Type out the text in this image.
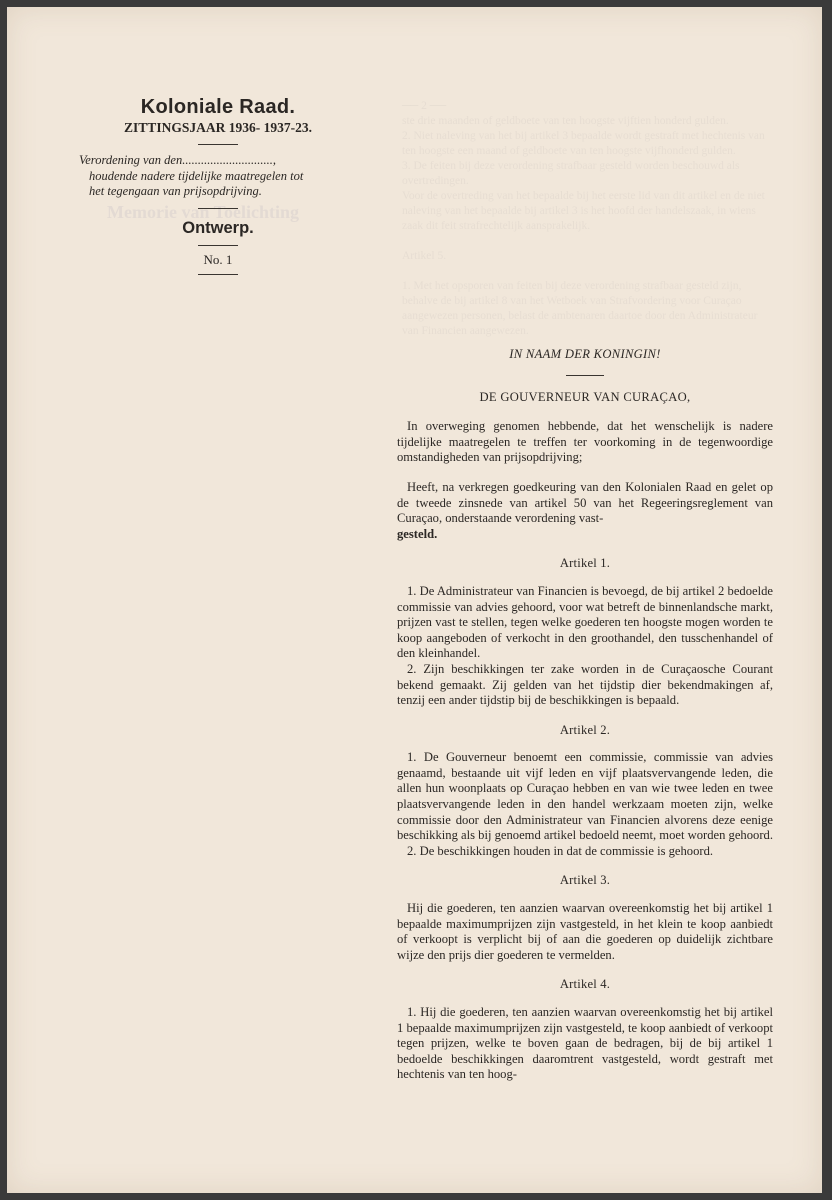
── 2 ──
ste drie maanden of geldboete van ten hoogste vijftien honderd gulden.
2. Niet naleving van het bij artikel 3 bepaalde wordt gestraft met hechtenis van ten hoogste een maand of geldboete van ten hoogste vijfhonderd gulden.
3. De feiten bij deze verordening strafbaar gesteld worden beschouwd als overtredingen.
Voor de overtreding van het bepaalde bij het eerste lid van dit artikel en de niet naleving van het bepaalde bij artikel 3 is het hoofd der handelszaak, in wiens zaak dit feit strafrechtelijk aansprakelijk.

Artikel 5.

1. Met het opsporen van feiten bij deze verordening strafbaar gesteld zijn, behalve de bij artikel 8 van het Wetboek van Strafvordering voor Curaçao aangewezen personen, belast de ambtenaren daartoe door den Administrateur van Financien aangewezen.
Memorie van Toelichting

Koloniale Raad.

ZITTINGSJAAR 1936- 1937-23.

Verordening van den.............................,

houdende nadere tijdelijke maatregelen tot

het tegengaan van prijsopdrijving.

Ontwerp.

No. 1

IN NAAM DER KONINGIN!

DE GOUVERNEUR VAN CURAÇAO,

In overweging genomen hebbende, dat het wenschelijk is nadere tijdelijke maatregelen te treffen ter voorkoming in de tegenwoordige omstandigheden van prijsopdrijving;

Heeft, na verkregen goedkeuring van den Kolonialen Raad en gelet op de tweede zinsnede van artikel 50 van het Regeeringsreglement van Curaçao, onderstaande verordening vast-

gesteld.

Artikel 1.

1. De Administrateur van Financien is bevoegd, de bij artikel 2 bedoelde commissie van advies gehoord, voor wat betreft de binnenlandsche markt, prijzen vast te stellen, tegen welke goederen ten hoogste mogen worden te koop aangeboden of verkocht in den groothandel, den tusschenhandel of den kleinhandel.

2. Zijn beschikkingen ter zake worden in de Curaçaosche Courant bekend gemaakt. Zij gelden van het tijdstip dier bekendmakingen af, tenzij een ander tijdstip bij de beschikkingen is bepaald.

Artikel 2.

1. De Gouverneur benoemt een commissie, commissie van advies genaamd, bestaande uit vijf leden en vijf plaatsvervangende leden, die allen hun woonplaats op Curaçao hebben en van wie twee leden en twee plaatsvervangende leden in den handel werkzaam moeten zijn, welke commissie door den Administrateur van Financien alvorens deze eenige beschikking als bij genoemd artikel bedoeld neemt, moet worden gehoord.

2. De beschikkingen houden in dat de commissie is gehoord.

Artikel 3.

Hij die goederen, ten aanzien waarvan overeenkomstig het bij artikel 1 bepaalde maximumprijzen zijn vastgesteld, in het klein te koop aanbiedt of verkoopt is verplicht bij of aan die goederen op duidelijk zichtbare wijze den prijs dier goederen te vermelden.

Artikel 4.

1. Hij die goederen, ten aanzien waarvan overeenkomstig het bij artikel 1 bepaalde maximumprijzen zijn vastgesteld, te koop aanbiedt of verkoopt tegen prijzen, welke te boven gaan de bedragen, bij de bij artikel 1 bedoelde beschikkingen daaromtrent vastgesteld, wordt gestraft met hechtenis van ten hoog-
